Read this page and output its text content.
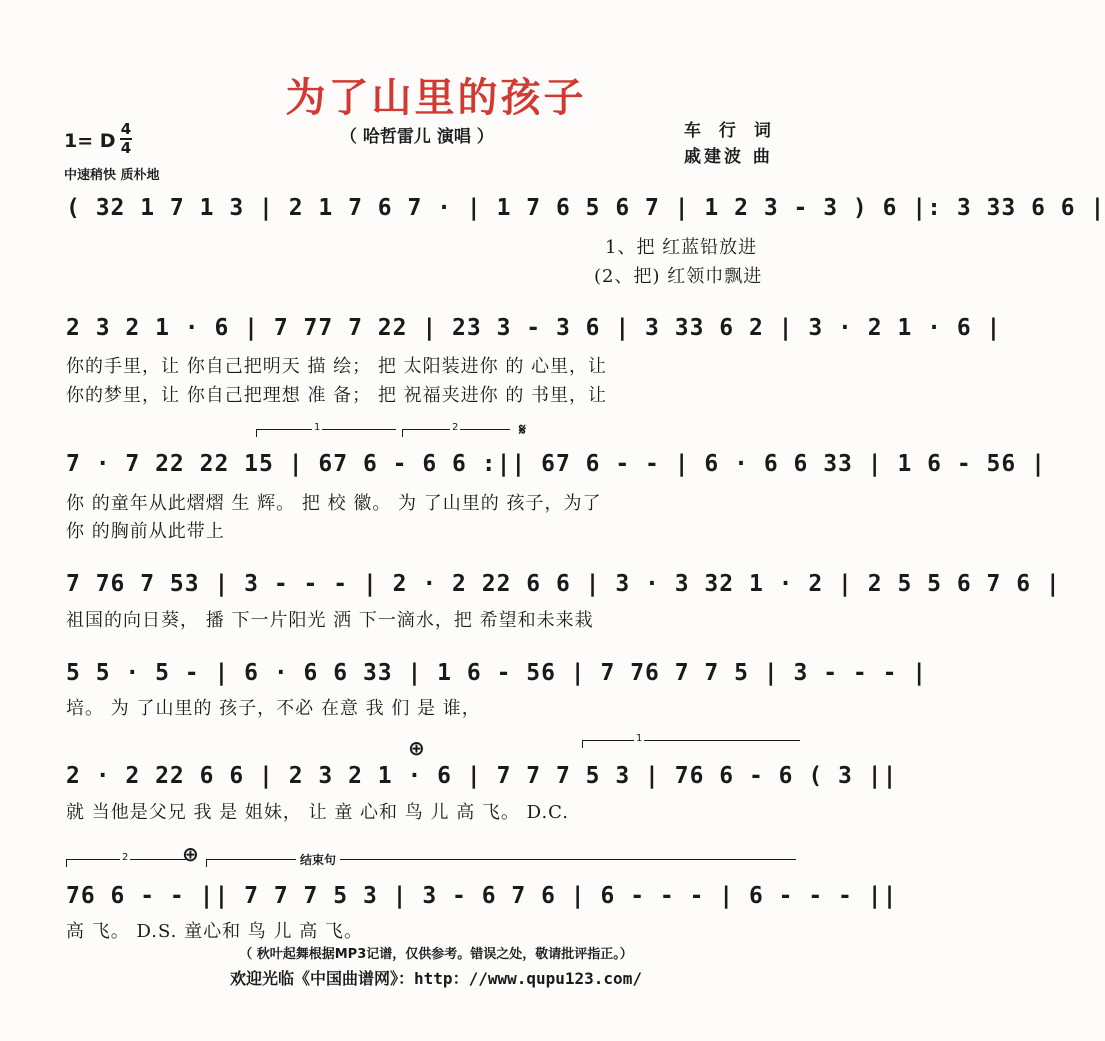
为了山里的孩子
（ 哈哲雷儿 演唱 ）	车 行 词
戚建波 曲
1= D
4
4
中速稍快 质朴地
( 32 1 7 1 3 | 2 1 7 6 7 · | 1 7 6 5 6 7 | 1 2 3 - 3 ) 6 |: 3 33 6 6 |
1、把 红蓝铅放进
(2、把) 红领巾飘进
2 3 2 1 · 6 | 7 77 7 22 | 23 3 - 3 6 | 3 33 6 2 | 3 · 2 1 · 6 |
你的手里，让 你自己把明天 描 绘； 把 太阳装进你 的 心里，让
你的梦里，让 你自己把理想 准 备； 把 祝福夹进你 的 书里，让
1	2	𝄋
7 · 7 22 22 15 | 67 6 - 6 6 :|| 67 6 - - | 6 · 6 6 33 | 1 6 - 56 |
你 的童年从此熠熠 生 辉。 把 校 徽。 为 了山里的 孩子，为了
你 的胸前从此带上
7 76 7 53 | 3 - - - | 2 · 2 22 6 6 | 3 · 3 32 1 · 2 | 2 5 5 6 7 6 |
祖国的向日葵， 播 下一片阳光 洒 下一滴水，把 希望和未来栽
5 5 · 5 - | 6 · 6 6 33 | 1 6 - 56 | 7 76 7 7 5 | 3 - - - |
培。 为 了山里的 孩子，不必 在意 我 们 是 谁，
⊕	1
2 · 2 22 6 6 | 2 3 2 1 · 6 | 7 7 7 5 3 | 76 6 - 6 ( 3 ||
就 当他是父兄 我 是 姐妹， 让 童 心和 鸟 儿 高 飞。 D.C.
2	⊕	结束句
76 6 - - || 7 7 7 5 3 | 3 - 6 7 6 | 6 - - - | 6 - - - ||
高 飞。 D.S. 童心和 鸟 儿 高 飞。
（ 秋叶起舞根据MP3记谱，仅供参考。错误之处，敬请批评指正。）
欢迎光临《中国曲谱网》：http：//www.qupu123.com/
